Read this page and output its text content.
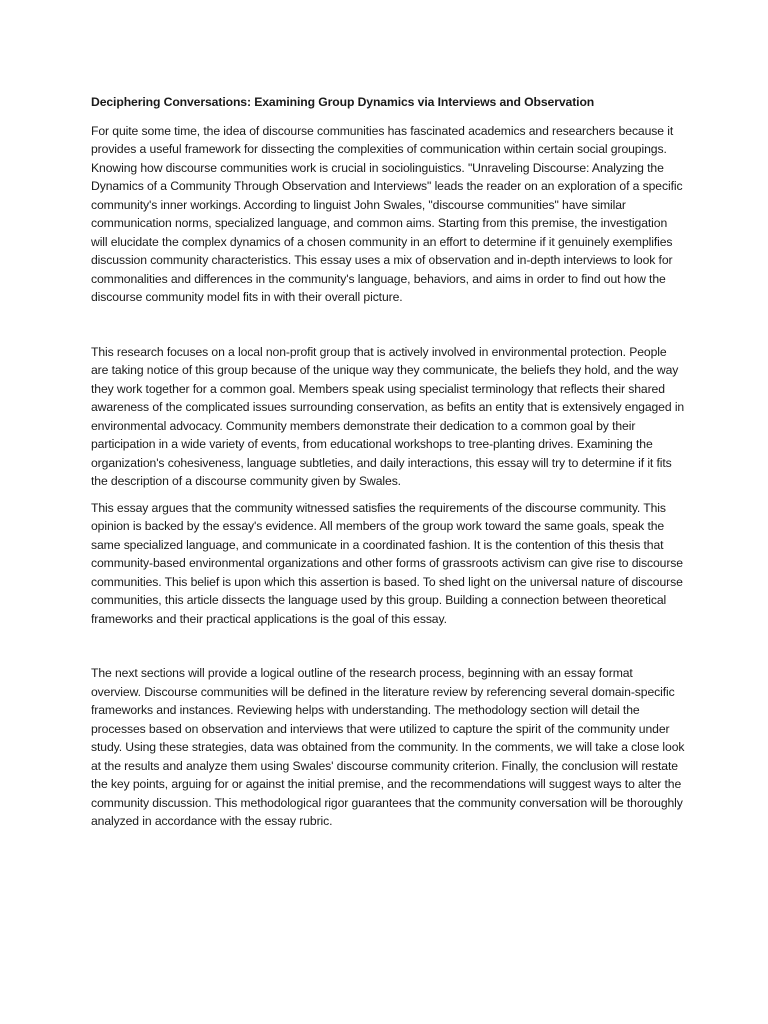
Deciphering Conversations: Examining Group Dynamics via Interviews and Observation

For quite some time, the idea of discourse communities has fascinated academics and researchers because it provides a useful framework for dissecting the complexities of communication within certain social groupings. Knowing how discourse communities work is crucial in sociolinguistics. "Unraveling Discourse: Analyzing the Dynamics of a Community Through Observation and Interviews" leads the reader on an exploration of a specific community's inner workings. According to linguist John Swales, "discourse communities" have similar communication norms, specialized language, and common aims. Starting from this premise, the investigation will elucidate the complex dynamics of a chosen community in an effort to determine if it genuinely exemplifies discussion community characteristics. This essay uses a mix of observation and in-depth interviews to look for commonalities and differences in the community's language, behaviors, and aims in order to find out how the discourse community model fits in with their overall picture.

This research focuses on a local non-profit group that is actively involved in environmental protection. People are taking notice of this group because of the unique way they communicate, the beliefs they hold, and the way they work together for a common goal. Members speak using specialist terminology that reflects their shared awareness of the complicated issues surrounding conservation, as befits an entity that is extensively engaged in environmental advocacy. Community members demonstrate their dedication to a common goal by their participation in a wide variety of events, from educational workshops to tree-planting drives. Examining the organization's cohesiveness, language subtleties, and daily interactions, this essay will try to determine if it fits the description of a discourse community given by Swales.

This essay argues that the community witnessed satisfies the requirements of the discourse community. This opinion is backed by the essay's evidence. All members of the group work toward the same goals, speak the same specialized language, and communicate in a coordinated fashion. It is the contention of this thesis that community-based environmental organizations and other forms of grassroots activism can give rise to discourse communities. This belief is upon which this assertion is based. To shed light on the universal nature of discourse communities, this article dissects the language used by this group. Building a connection between theoretical frameworks and their practical applications is the goal of this essay.

The next sections will provide a logical outline of the research process, beginning with an essay format overview. Discourse communities will be defined in the literature review by referencing several domain-specific frameworks and instances. Reviewing helps with understanding. The methodology section will detail the processes based on observation and interviews that were utilized to capture the spirit of the community under study. Using these strategies, data was obtained from the community. In the comments, we will take a close look at the results and analyze them using Swales' discourse community criterion. Finally, the conclusion will restate the key points, arguing for or against the initial premise, and the recommendations will suggest ways to alter the community discussion. This methodological rigor guarantees that the community conversation will be thoroughly analyzed in accordance with the essay rubric.
